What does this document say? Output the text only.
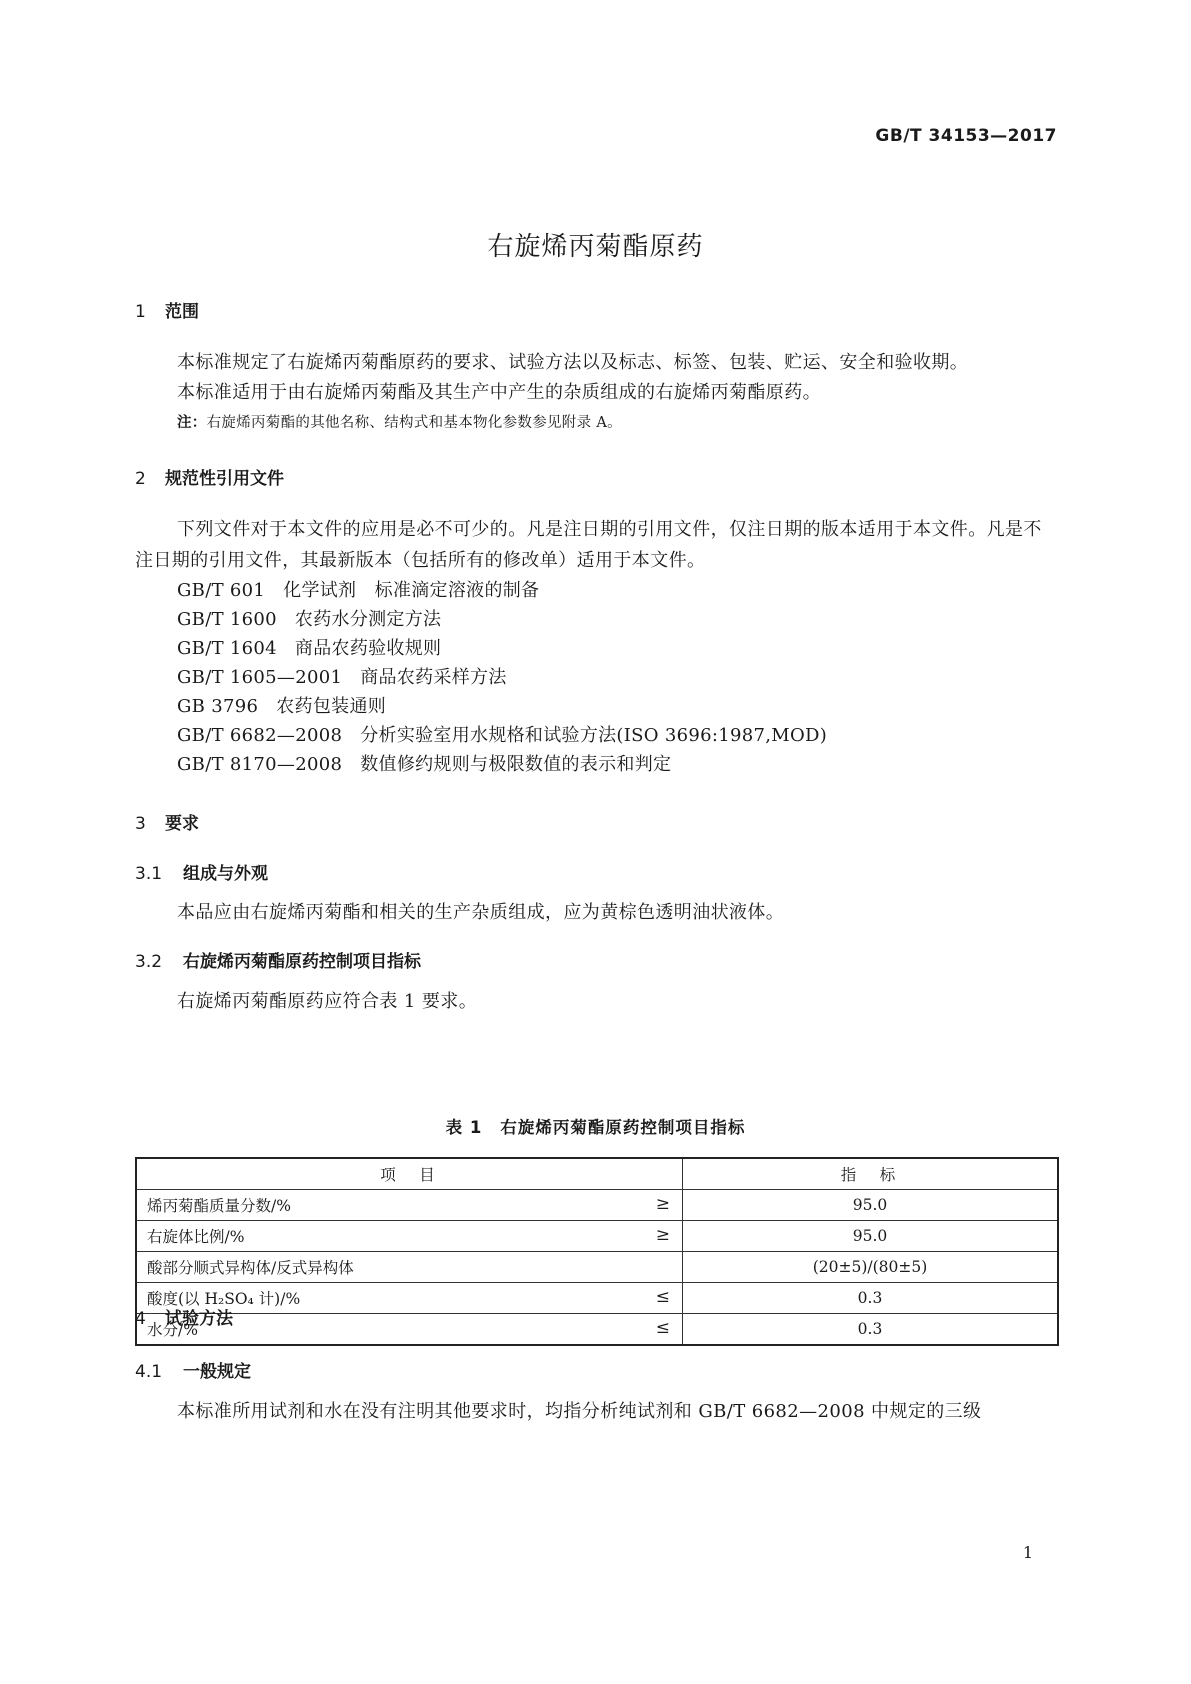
GB/T 34153—2017
右旋烯丙菊酯原药
1 范围
本标准规定了右旋烯丙菊酯原药的要求、试验方法以及标志、标签、包装、贮运、安全和验收期。
本标准适用于由右旋烯丙菊酯及其生产中产生的杂质组成的右旋烯丙菊酯原药。
注：右旋烯丙菊酯的其他名称、结构式和基本物化参数参见附录 A。
2 规范性引用文件
下列文件对于本文件的应用是必不可少的。凡是注日期的引用文件，仅注日期的版本适用于本文件。凡是不注日期的引用文件，其最新版本（包括所有的修改单）适用于本文件。
GB/T 601 化学试剂　标准滴定溶液的制备
GB/T 1600 农药水分测定方法
GB/T 1604 商品农药验收规则
GB/T 1605—2001 商品农药采样方法
GB 3796 农药包装通则
GB/T 6682—2008 分析实验室用水规格和试验方法(ISO 3696:1987,MOD)
GB/T 8170—2008 数值修约规则与极限数值的表示和判定
3 要求
3.1 组成与外观
本品应由右旋烯丙菊酯和相关的生产杂质组成，应为黄棕色透明油状液体。
3.2 右旋烯丙菊酯原药控制项目指标
右旋烯丙菊酯原药应符合表 1 要求。
表 1 右旋烯丙菊酯原药控制项目指标
项　目	指　标
烯丙菊酯质量分数/% ≥	95.0
右旋体比例/% ≥	95.0
酸部分顺式异构体/反式异构体	(20±5)/(80±5)
酸度(以 H₂SO₄ 计)/% ≤	0.3
水分/% ≤	0.3
4 试验方法
4.1 一般规定
本标准所用试剂和水在没有注明其他要求时，均指分析纯试剂和 GB/T 6682—2008 中规定的三级
1
